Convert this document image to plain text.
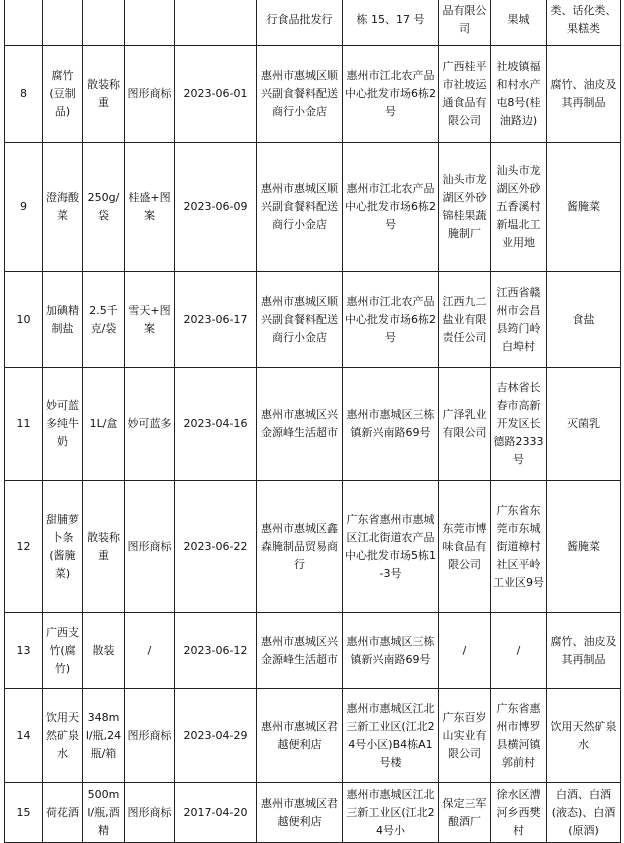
					行食品批发行	栋 15、17 号	品有限公司	果城	类、话化类、果糕类
8	腐竹(豆制品)	散装称重	图形商标	2023-06-01	惠州市惠城区顺兴副食餐料配送商行小金店	惠州市江北农产品中心批发市场6栋2号	广西桂平市社坡运通食品有限公司	社坡镇福和村水产屯8号(桂油路边)	腐竹、油皮及其再制品
9	澄海酸菜	250g/袋	桂盛+图案	2023-06-09	惠州市惠城区顺兴副食餐料配送商行小金店	惠州市江北农产品中心批发市场6栋2号	汕头市龙湖区外砂锦桂果蔬腌制厂	汕头市龙湖区外砂五香溪村新塭北工业用地	酱腌菜
10	加碘精制盐	2.5千克/袋	雪天+图案	2023-06-17	惠州市惠城区顺兴副食餐料配送商行小金店	惠州市江北农产品中心批发市场6栋2号	江西九二盐业有限责任公司	江西省赣州市会昌县筠门岭白埠村	食盐
11	妙可蓝多纯牛奶	1L/盒	妙可蓝多	2023-04-16	惠州市惠城区兴金源峰生活超市	惠州市惠城区三栋镇新兴南路69号	广泽乳业有限公司	吉林省长春市高新开发区长德路2333号	灭菌乳
12	甜脯萝卜条(酱腌菜)	散装称重	图形商标	2023-06-22	惠州市惠城区鑫森腌制品贸易商行	广东省惠州市惠城区江北街道农产品中心批发市场5栋1-3号	东莞市博味食品有限公司	广东省东莞市东城街道樟村社区平岭工业区9号	酱腌菜
13	广西支竹(腐竹)	散装	/	2023-06-12	惠州市惠城区兴金源峰生活超市	惠州市惠城区三栋镇新兴南路69号	/	/	腐竹、油皮及其再制品
14	饮用天然矿泉水	348ml/瓶,24瓶/箱	图形商标	2023-04-29	惠州市惠城区君越便利店	惠州市惠城区江北三新工业区(江北24号小区)B4栋A1号楼	广东百岁山实业有限公司	广东省惠州市博罗县横河镇郭前村	饮用天然矿泉水
15	荷花酒	500ml/瓶,酒精	图形商标	2017-04-20	惠州市惠城区君越便利店	惠州市惠城区江北三新工业区(江北24号小	保定三军酿酒厂	徐水区漕河乡西樊村	白酒、白酒(液态)、白酒(原酒)
